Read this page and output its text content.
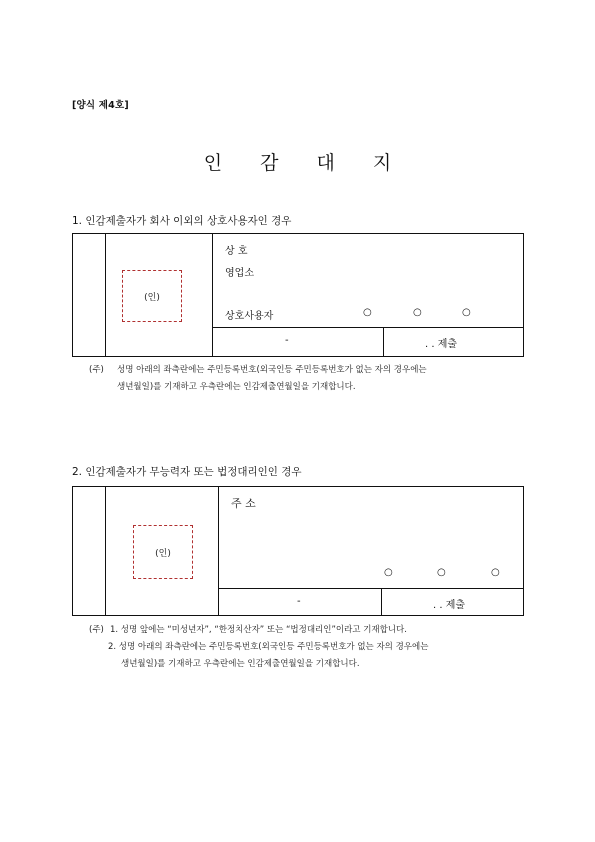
[양식 제4호]
인 감 대 지
1. 인감제출자가 회사 이외의 상호사용자인 경우
(인)
상 호
영업소
상호사용자	○	○	○
-	. . 제출
(주) 성명 아래의 좌측란에는 주민등록번호(외국인등 주민등록번호가 없는 자의 경우에는
생년월일)를 기재하고 우측란에는 인감제출연월일을 기재합니다.
2. 인감제출자가 무능력자 또는 법정대리인인 경우
(인)
주 소
○	○	○
-	. . 제출
(주) 1. 성명 앞에는 “미성년자”, “한정치산자” 또는 “법정대리인”이라고 기재합니다.
2. 성명 아래의 좌측란에는 주민등록번호(외국인등 주민등록번호가 없는 자의 경우에는
생년월일)를 기재하고 우측란에는 인감제출연월일을 기재합니다.
